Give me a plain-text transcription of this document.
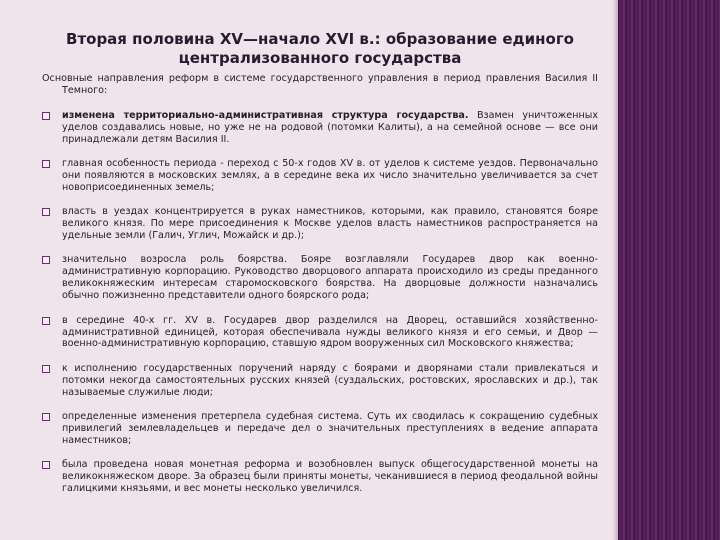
Вторая половина XV—начало XVI в.: образование единого централизованного государства

Основные направления реформ в системе государственного управления в период правления Василия II Темного:

изменена территориально-административная структура государства. Взамен уничтоженных уделов создавались новые, но уже не на родовой (потомки Калиты), а на семейной основе — все они принадлежали детям Василия II.
главная особенность периода - переход с 50-х годов XV в. от уделов к системе уездов. Первоначально они появляются в московских землях, а в середине века их число значительно увеличивается за счет новоприсоединенных земель;
власть в уездах концентрируется в руках наместников, которыми, как правило, становятся бояре великого князя. По мере присоединения к Москве уделов власть наместников распространяется на удельные земли (Галич, Углич, Можайск и др.);
значительно возросла роль боярства. Бояре возглавляли Государев двор как военно-административную корпорацию. Руководство дворцового аппарата происходило из среды преданного великокняжеским интересам старомосковского боярства. На дворцовые должности назначались обычно пожизненно представители одного боярского рода;
в середине 40-х гг. XV в. Государев двор разделился на Дворец, оставшийся хозяйственно-административной единицей, которая обеспечивала нужды великого князя и его семьи, и Двор — военно-административную корпорацию, ставшую ядром вооруженных сил Московского княжества;
к исполнению государственных поручений наряду с боярами и дворянами стали привлекаться и потомки некогда самостоятельных русских князей (суздальских, ростовских, ярославских и др.), так называемые служилые люди;
определенные изменения претерпела судебная система. Суть их сводилась к сокращению судебных привилегий землевладельцев и передаче дел о значительных преступлениях в ведение аппарата наместников;
была проведена новая монетная реформа и возобновлен выпуск общегосударственной монеты на великокняжеском дворе. За образец были приняты монеты, чеканившиеся в период феодальной войны галицкими князьями, и вес монеты несколько увеличился.
